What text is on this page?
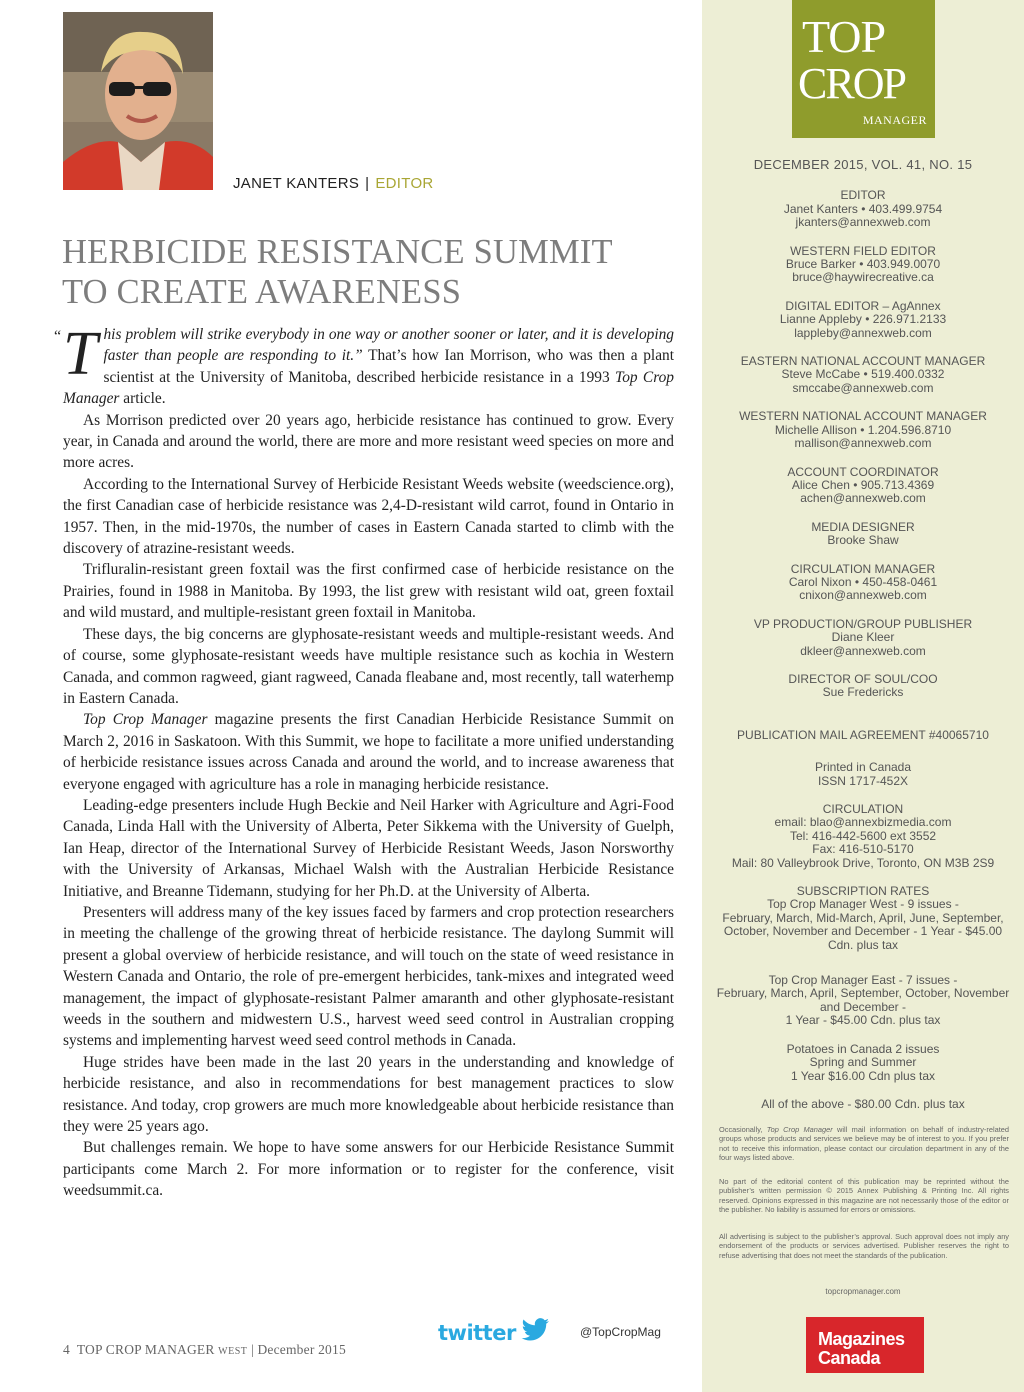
JANET KANTERS | EDITOR
HERBICIDE RESISTANCE SUMMIT
TO CREATE AWARENESS
“ This problem will strike everybody in one way or another sooner or later, and it is developing faster than people are responding to it.” That’s how Ian Morrison, who was then a plant scientist at the University of Manitoba, described herbicide resistance in a 1993 Top Crop Manager article.

As Morrison predicted over 20 years ago, herbicide resistance has continued to grow. Every year, in Canada and around the world, there are more and more resistant weed species on more and more acres.

According to the International Survey of Herbicide Resistant Weeds website (weedscience.org), the first Canadian case of herbicide resistance was 2,4-D-resistant wild carrot, found in Ontario in 1957. Then, in the mid-1970s, the number of cases in Eastern Canada started to climb with the discovery of atrazine-resistant weeds.

Trifluralin-resistant green foxtail was the first confirmed case of herbicide resistance on the Prairies, found in 1988 in Manitoba. By 1993, the list grew with resistant wild oat, green foxtail and wild mustard, and multiple-resistant green foxtail in Manitoba.

These days, the big concerns are glyphosate-resistant weeds and multiple-resistant weeds. And of course, some glyphosate-resistant weeds have multiple resistance such as kochia in Western Canada, and common ragweed, giant ragweed, Canada fleabane and, most recently, tall waterhemp in Eastern Canada.

Top Crop Manager magazine presents the first Canadian Herbicide Resistance Summit on March 2, 2016 in Saskatoon. With this Summit, we hope to facilitate a more unified understanding of herbicide resistance issues across Canada and around the world, and to increase awareness that everyone engaged with agriculture has a role in managing herbicide resistance.

Leading-edge presenters include Hugh Beckie and Neil Harker with Agriculture and Agri-Food Canada, Linda Hall with the University of Alberta, Peter Sikkema with the University of Guelph, Ian Heap, director of the International Survey of Herbicide Resistant Weeds, Jason Norsworthy with the University of Arkansas, Michael Walsh with the Australian Herbicide Resistance Initiative, and Breanne Tidemann, studying for her Ph.D. at the University of Alberta.

Presenters will address many of the key issues faced by farmers and crop protection researchers in meeting the challenge of the growing threat of herbicide resistance. The daylong Summit will present a global overview of herbicide resistance, and will touch on the state of weed resistance in Western Canada and Ontario, the role of pre-emergent herbicides, tank-mixes and integrated weed management, the impact of glyphosate-resistant Palmer amaranth and other glyphosate-resistant weeds in the southern and midwestern U.S., harvest weed seed control in Australian cropping systems and implementing harvest weed seed control methods in Canada.

Huge strides have been made in the last 20 years in the understanding and knowledge of herbicide resistance, and also in recommendations for best management practices to slow resistance. And today, crop growers are much more knowledgeable about herbicide resistance than they were 25 years ago.

But challenges remain. We hope to have some answers for our Herbicide Resistance Summit participants come March 2. For more information or to register for the conference, visit weedsummit.ca.

twitter	@TopCropMag
4 TOP CROP MANAGER WEST | December 2015
TOP
CROP
MANAGER
DECEMBER 2015, VOL. 41, NO. 15
EDITOR
Janet Kanters • 403.499.9754
jkanters@annexweb.com
WESTERN FIELD EDITOR
Bruce Barker • 403.949.0070
bruce@haywirecreative.ca
DIGITAL EDITOR – AgAnnex
Lianne Appleby • 226.971.2133
lappleby@annexweb.com
EASTERN NATIONAL ACCOUNT MANAGER
Steve McCabe • 519.400.0332
smccabe@annexweb.com
WESTERN NATIONAL ACCOUNT MANAGER
Michelle Allison • 1.204.596.8710
mallison@annexweb.com
ACCOUNT COORDINATOR
Alice Chen • 905.713.4369
achen@annexweb.com
MEDIA DESIGNER
Brooke Shaw
CIRCULATION MANAGER
Carol Nixon • 450-458-0461
cnixon@annexweb.com
VP PRODUCTION/GROUP PUBLISHER
Diane Kleer
dkleer@annexweb.com
DIRECTOR OF SOUL/COO
Sue Fredericks
PUBLICATION MAIL AGREEMENT #40065710
Printed in Canada
ISSN 1717-452X
CIRCULATION
email: blao@annexbizmedia.com
Tel: 416-442-5600 ext 3552
Fax: 416-510-5170
Mail: 80 Valleybrook Drive, Toronto, ON M3B 2S9
SUBSCRIPTION RATES
Top Crop Manager West - 9 issues -
February, March, Mid-March, April, June, September,
October, November and December - 1 Year - $45.00
Cdn. plus tax
Top Crop Manager East - 7 issues -
February, March, April, September, October, November
and December -
1 Year - $45.00 Cdn. plus tax
Potatoes in Canada 2 issues
Spring and Summer
1 Year $16.00 Cdn plus tax
All of the above - $80.00 Cdn. plus tax
Occasionally, Top Crop Manager will mail information on behalf of industry-related groups whose products and services we believe may be of interest to you. If you prefer not to receive this information, please contact our circulation department in any of the four ways listed above.
No part of the editorial content of this publication may be reprinted without the publisher’s written permission © 2015 Annex Publishing & Printing Inc. All rights reserved. Opinions expressed in this magazine are not necessarily those of the editor or the publisher. No liability is assumed for errors or omissions.
All advertising is subject to the publisher’s approval. Such approval does not imply any endorsement of the products or services advertised. Publisher reserves the right to refuse advertising that does not meet the standards of the publication.
topcropmanager.com
Magazines
Canada
